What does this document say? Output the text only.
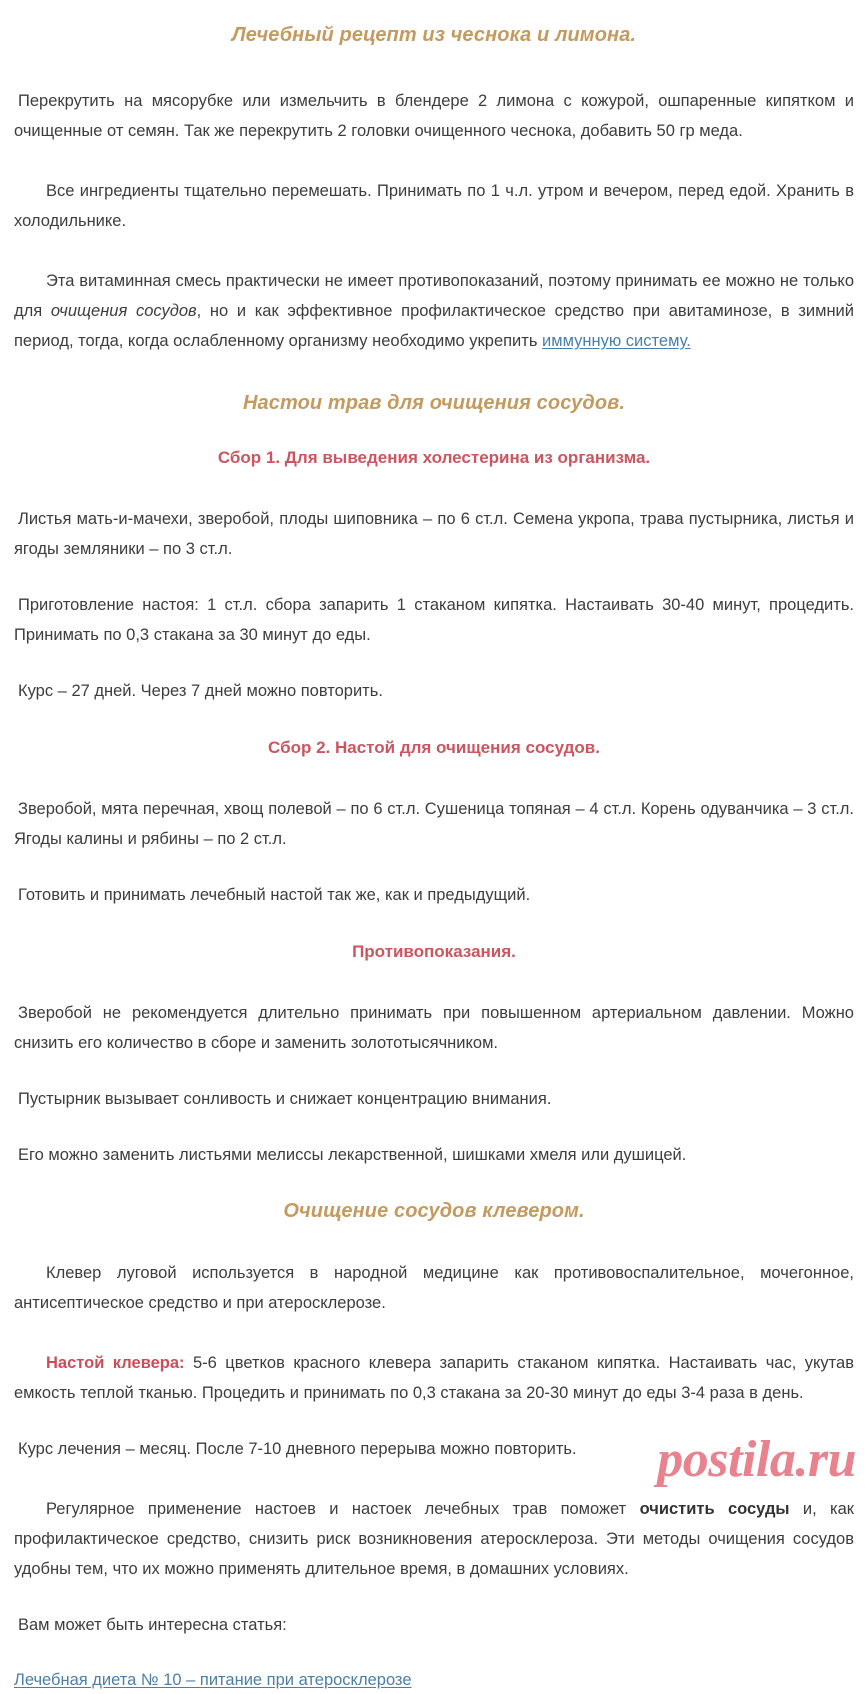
Лечебный рецепт из чеснока и лимона.

Перекрутить на мясорубке или измельчить в блендере 2 лимона с кожурой, ошпаренные кипятком и очищенные от семян. Так же перекрутить 2 головки очищенного чеснока, добавить 50 гр меда.

Все ингредиенты тщательно перемешать. Принимать по 1 ч.л. утром и вечером, перед едой. Хранить в холодильнике.

Эта витаминная смесь практически не имеет противопоказаний, поэтому принимать ее можно не только для очищения сосудов, но и как эффективное профилактическое средство при авитаминозе, в зимний период, тогда, когда ослабленному организму необходимо укрепить иммунную систему.

Настои трав для очищения сосудов.
Сбор 1. Для выведения холестерина из организма.

Листья мать-и-мачехи, зверобой, плоды шиповника – по 6 ст.л. Семена укропа, трава пустырника, листья и ягоды земляники – по 3 ст.л.

Приготовление настоя: 1 ст.л. сбора запарить 1 стаканом кипятка. Настаивать 30-40 минут, процедить. Принимать по 0,3 стакана за 30 минут до еды.

Курс – 27 дней. Через 7 дней можно повторить.

Сбор 2. Настой для очищения сосудов.

Зверобой, мята перечная, хвощ полевой – по 6 ст.л. Сушеница топяная – 4 ст.л. Корень одуванчика – 3 ст.л. Ягоды калины и рябины – по 2 ст.л.

Готовить и принимать лечебный настой так же, как и предыдущий.

Противопоказания.

Зверобой не рекомендуется длительно принимать при повышенном артериальном давлении. Можно снизить его количество в сборе и заменить золототысячником.

Пустырник вызывает сонливость и снижает концентрацию внимания.

Его можно заменить листьями мелиссы лекарственной, шишками хмеля или душицей.

Очищение сосудов клевером.

Клевер луговой используется в народной медицине как противовоспалительное, мочегонное, антисептическое средство и при атеросклерозе.

Настой клевера: 5-6 цветков красного клевера запарить стаканом кипятка. Настаивать час, укутав емкость теплой тканью. Процедить и принимать по 0,3 стакана за 20-30 минут до еды 3-4 раза в день.

Курс лечения – месяц. После 7-10 дневного перерыва можно повторить.

Регулярное применение настоев и настоек лечебных трав поможет очистить сосуды и, как профилактическое средство, снизить риск возникновения атеросклероза. Эти методы очищения сосудов удобны тем, что их можно применять длительное время, в домашних условиях.

Вам может быть интересна статья:

Лечебная диета № 10 – питание при атеросклерозе
postila.ru
